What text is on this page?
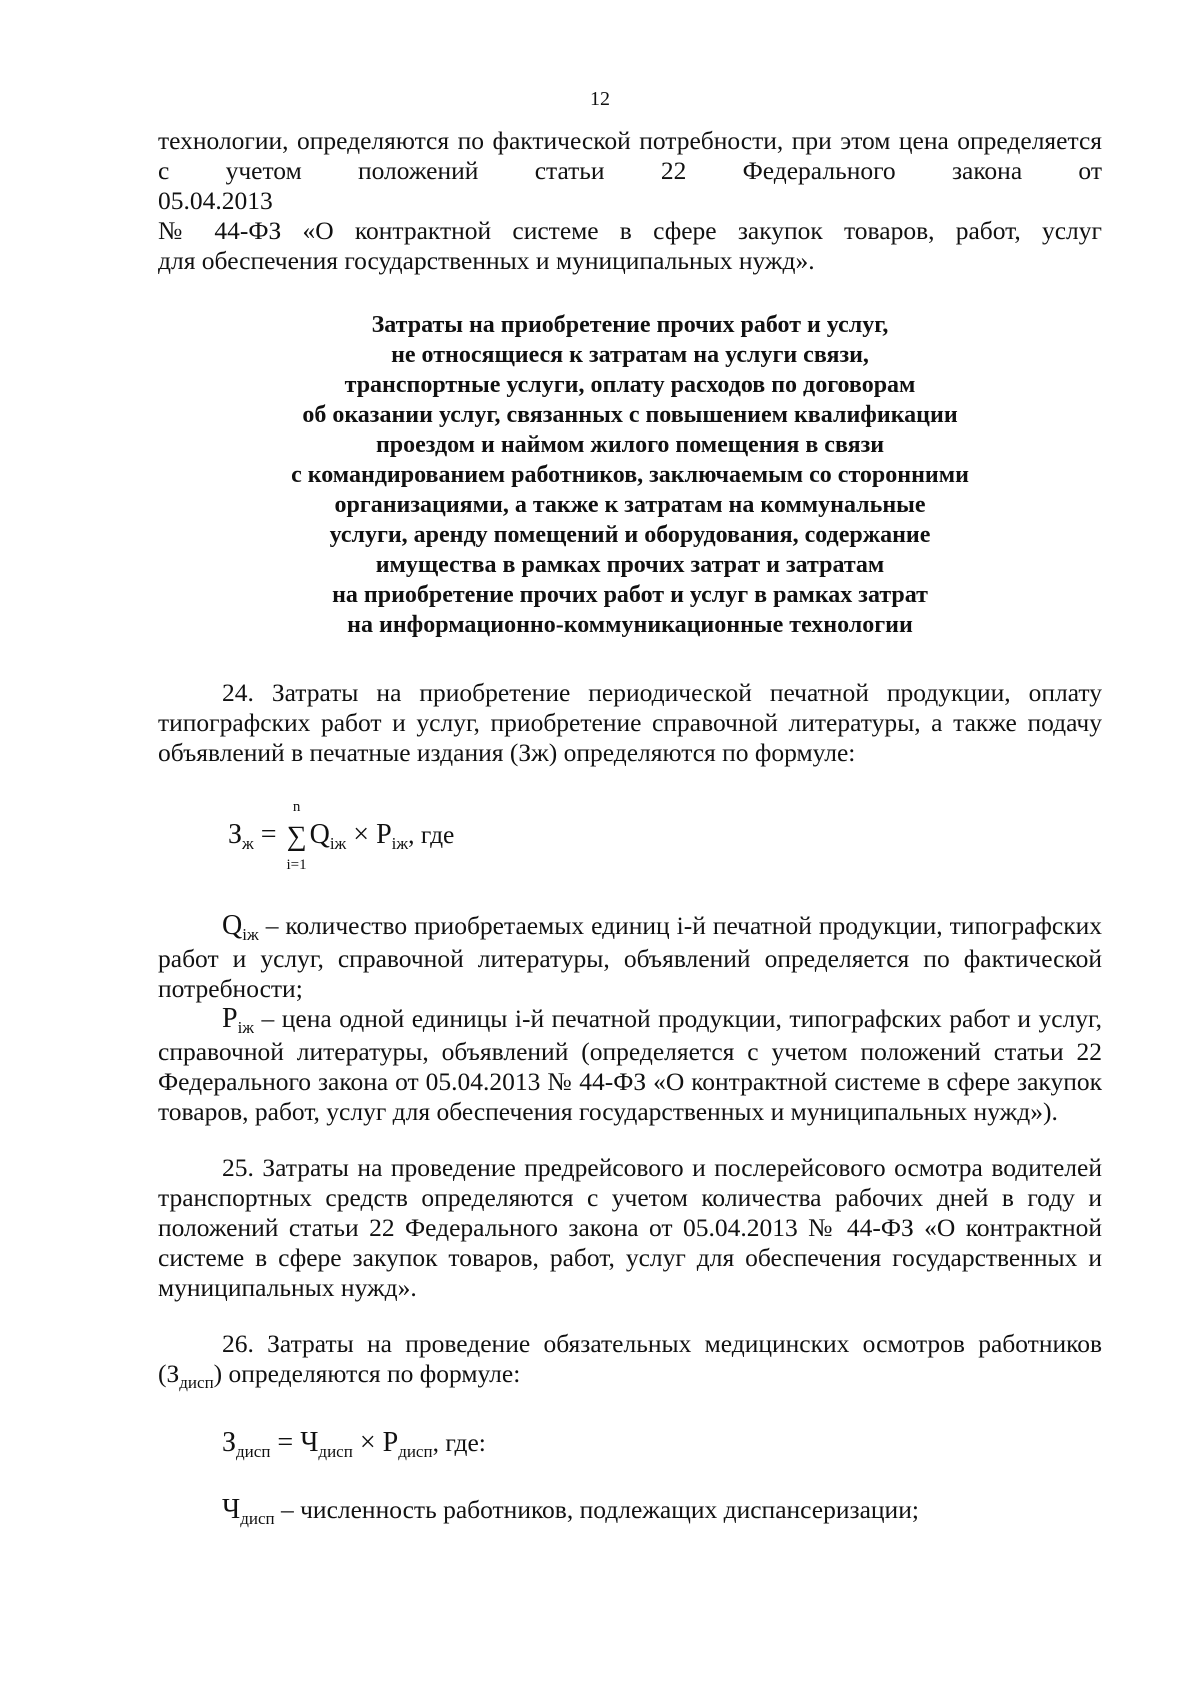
12

технологии, определяются по фактической потребности, при этом цена определяется
с учетом положений статьи 22 Федерального закона от 05.04.2013
№ 44-ФЗ «О контрактной системе в сфере закупок товаров, работ, услуг

для обеспечения государственных и муниципальных нужд».

Затраты на приобретение прочих работ и услуг,
не относящиеся к затратам на услуги связи,
транспортные услуги, оплату расходов по договорам
об оказании услуг, связанных с повышением квалификации
проездом и наймом жилого помещения в связи
с командированием работников, заключаемым со сторонними
организациями, а также к затратам на коммунальные
услуги, аренду помещений и оборудования, содержание
имущества в рамках прочих затрат и затратам
на приобретение прочих работ и услуг в рамках затрат
на информационно-коммуникационные технологии

24. Затраты на приобретение периодической печатной продукции, оплату типографских работ и услуг, приобретение справочной литературы, а также подачу объявлений в печатные издания (Зж) определяются по формуле:

$З_ж$ =
n
∑
i=1
$Q_{iж} \times P_{iж}$, где

$Q_{iж}$ – количество приобретаемых единиц i-й печатной продукции, типографских работ и услуг, справочной литературы, объявлений определяется по фактической потребности;

$P_{iж}$ – цена одной единицы i-й печатной продукции, типографских работ и услуг, справочной литературы, объявлений (определяется с учетом положений статьи 22 Федерального закона от 05.04.2013 № 44-ФЗ «О контрактной системе в сфере закупок товаров, работ, услуг для обеспечения государственных и муниципальных нужд»).

25. Затраты на проведение предрейсового и послерейсового осмотра водителей транспортных средств определяются с учетом количества рабочих дней в году и положений статьи 22 Федерального закона от 05.04.2013 № 44-ФЗ «О контрактной системе в сфере закупок товаров, работ, услуг для обеспечения государственных и муниципальных нужд».

26. Затраты на проведение обязательных медицинских осмотров работников $(З_{дисп})$ определяются по формуле:

$З_{дисп} = Ч_{дисп} \times P_{дисп}$, где:

$Ч_{дисп}$ – численность работников, подлежащих диспансеризации;
